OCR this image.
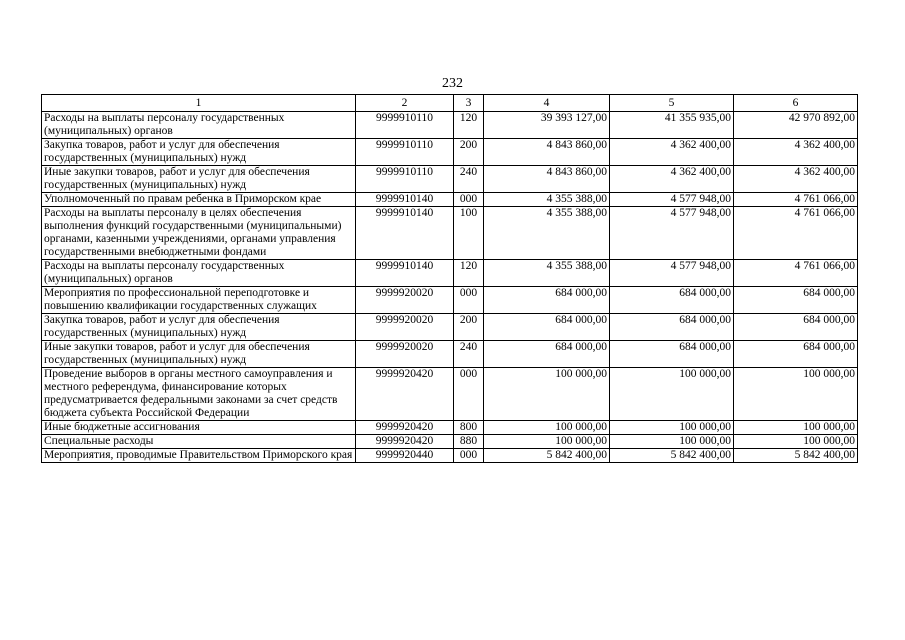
232
1	2	3	4	5	6
Расходы на выплаты персоналу государственных (муниципальных) органов	9999910110	120	39 393 127,00	41 355 935,00	42 970 892,00
Закупка товаров, работ и услуг для обеспечения государственных (муниципальных) нужд	9999910110	200	4 843 860,00	4 362 400,00	4 362 400,00
Иные закупки товаров, работ и услуг для обеспечения государственных (муниципальных) нужд	9999910110	240	4 843 860,00	4 362 400,00	4 362 400,00
Уполномоченный по правам ребенка в Приморском крае	9999910140	000	4 355 388,00	4 577 948,00	4 761 066,00
Расходы на выплаты персоналу в целях обеспечения выполнения функций государственными (муниципальными) органами, казенными учреждениями, органами управления государственными внебюджетными фондами	9999910140	100	4 355 388,00	4 577 948,00	4 761 066,00
Расходы на выплаты персоналу государственных (муниципальных) органов	9999910140	120	4 355 388,00	4 577 948,00	4 761 066,00
Мероприятия по профессиональной переподготовке и повышению квалификации государственных служащих	9999920020	000	684 000,00	684 000,00	684 000,00
Закупка товаров, работ и услуг для обеспечения государственных (муниципальных) нужд	9999920020	200	684 000,00	684 000,00	684 000,00
Иные закупки товаров, работ и услуг для обеспечения государственных (муниципальных) нужд	9999920020	240	684 000,00	684 000,00	684 000,00
Проведение выборов в органы местного самоуправления и местного референдума, финансирование которых предусматривается федеральными законами за счет средств бюджета субъекта Российской Федерации	9999920420	000	100 000,00	100 000,00	100 000,00
Иные бюджетные ассигнования	9999920420	800	100 000,00	100 000,00	100 000,00
Специальные расходы	9999920420	880	100 000,00	100 000,00	100 000,00
Мероприятия, проводимые Правительством Приморского края	9999920440	000	5 842 400,00	5 842 400,00	5 842 400,00
